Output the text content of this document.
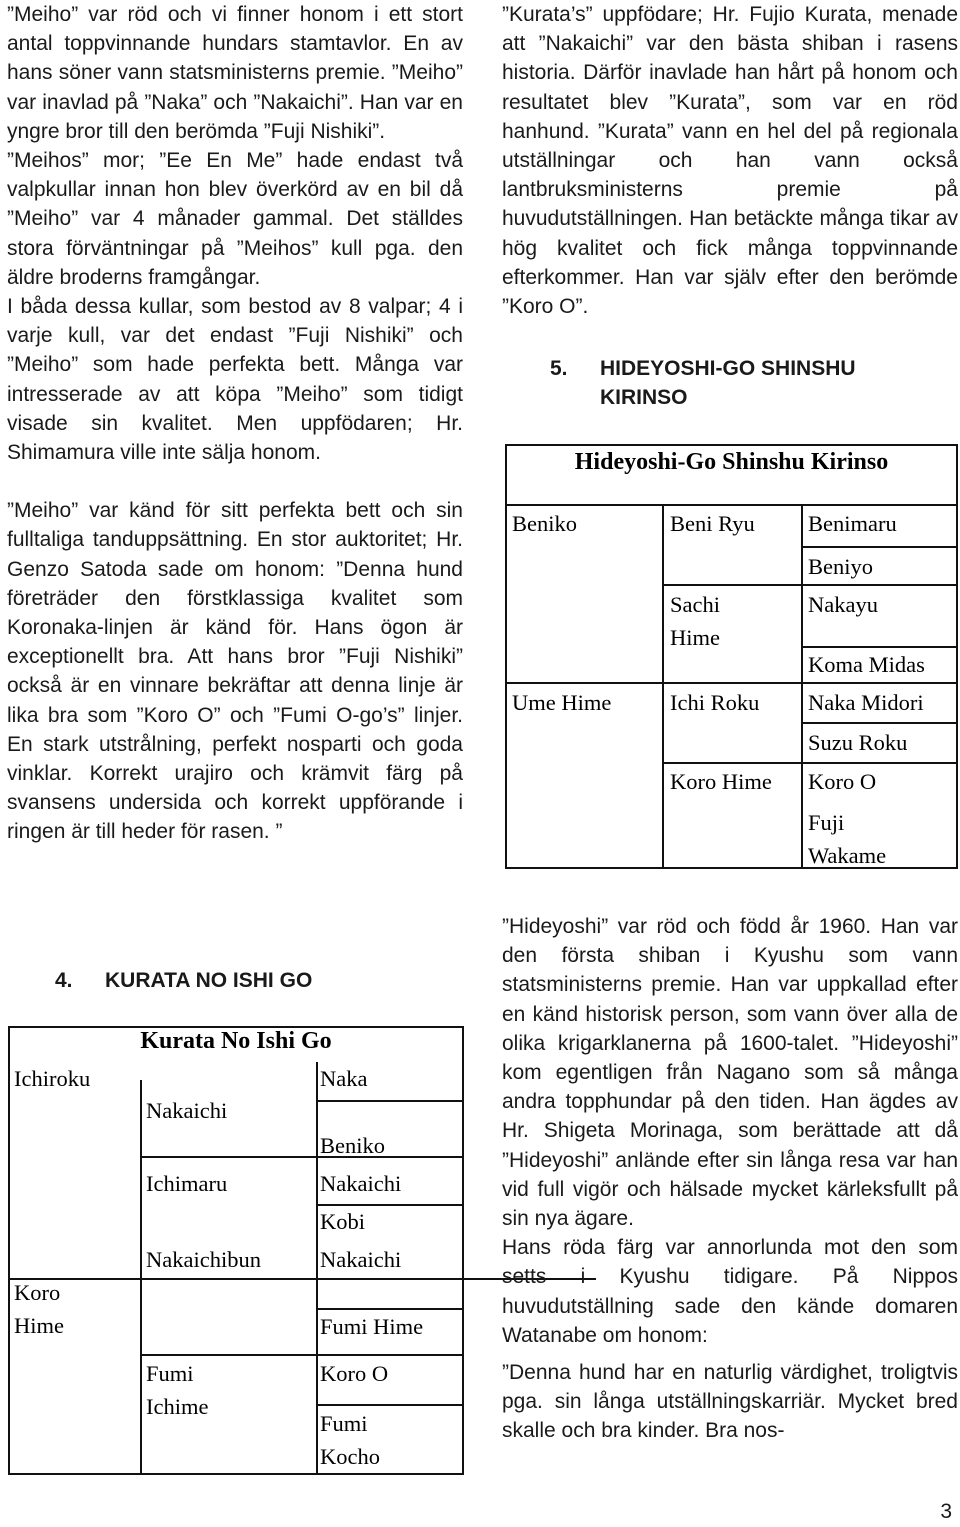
”Meiho” var röd och vi finner honom i ett stort antal toppvinnande hundars stamtavlor. En av hans söner vann statsministerns premie. ”Meiho” var inavlad på ”Naka” och ”Nakaichi”. Han var en yngre bror till den berömda ”Fuji Nishiki”.

”Meihos” mor; ”Ee En Me” hade endast två valpkullar innan hon blev överkörd av en bil då ”Meiho” var 4 månader gammal. Det ställdes stora förväntningar på ”Meihos” kull pga. den äldre broderns framgångar.

I båda dessa kullar, som bestod av 8 valpar; 4 i varje kull, var det endast ”Fuji Nishiki” och ”Meiho” som hade perfekta bett. Många var intresserade av att köpa ”Meiho” som tidigt visade sin kvalitet. Men uppfödaren; Hr. Shimamura ville inte sälja honom.

”Meiho” var känd för sitt perfekta bett och sin fulltaliga tanduppsättning. En stor auktoritet; Hr. Genzo Satoda sade om honom: ”Denna hund företräder den förstklassiga kvalitet som Koronaka-linjen är känd för. Hans ögon är exceptionellt bra. Att hans bror ”Fuji Nishiki” också är en vinnare bekräftar att denna linje är lika bra som ”Koro O” och ”Fumi O-go’s” linjer. En stark utstrålning, perfekt nosparti och goda vinklar. Korrekt urajiro och krämvit färg på svansens undersida och korrekt uppförande i ringen är till heder för rasen. ”

4. KURATA NO ISHI GO
Kurata No Ishi Go
Ichiroku
Koro
Hime
Nakaichi
Ichimaru
Nakaichibun
Fumi
Ichime
Naka
Beniko
Nakaichi
Kobi
Nakaichi
Fumi Hime
Koro O
Fumi
Kocho

”Kurata’s” uppfödare; Hr. Fujio Kurata, menade att ”Nakaichi” var den bästa shiban i rasens historia. Därför inavlade han hårt på honom och resultatet blev ”Kurata”, som var en röd hanhund. ”Kurata” vann en hel del på regionala utställningar och han vann också lantbruksministerns premie på huvudutställningen. Han betäckte många tikar av hög kvalitet och fick många toppvinnande efterkommer. Han var själv efter den berömde ”Koro O”.

5. HIDEYOSHI-GO SHINSHU
KIRINSO
Hideyoshi-Go Shinshu Kirinso
Beniko
Ume Hime
Beni Ryu
Sachi
Hime
Ichi Roku
Koro Hime
Benimaru
Beniyo
Nakayu
Koma Midas
Naka Midori
Suzu Roku
Koro O
Fuji
Wakame

”Hideyoshi” var röd och född år 1960. Han var den första shiban i Kyushu som vann statsministerns premie. Han var uppkallad efter en känd historisk person, som vann över alla de olika krigarklanerna på 1600-talet. ”Hideyoshi” kom egentligen från Nagano som så många andra topphundar på den tiden. Han ägdes av Hr. Shigeta Morinaga, som berättade att då ”Hideyoshi” anlände efter sin långa resa var han vid full vigör och hälsade mycket kärleksfullt på sin nya ägare.

Hans röda färg var annorlunda mot den som setts i Kyushu tidigare. På Nippos huvudutställning sade den kände domaren Watanabe om honom:

”Denna hund har en naturlig värdighet, troligtvis pga. sin långa utställningskarriär. Mycket bred skalle och bra kinder. Bra nos-

3
